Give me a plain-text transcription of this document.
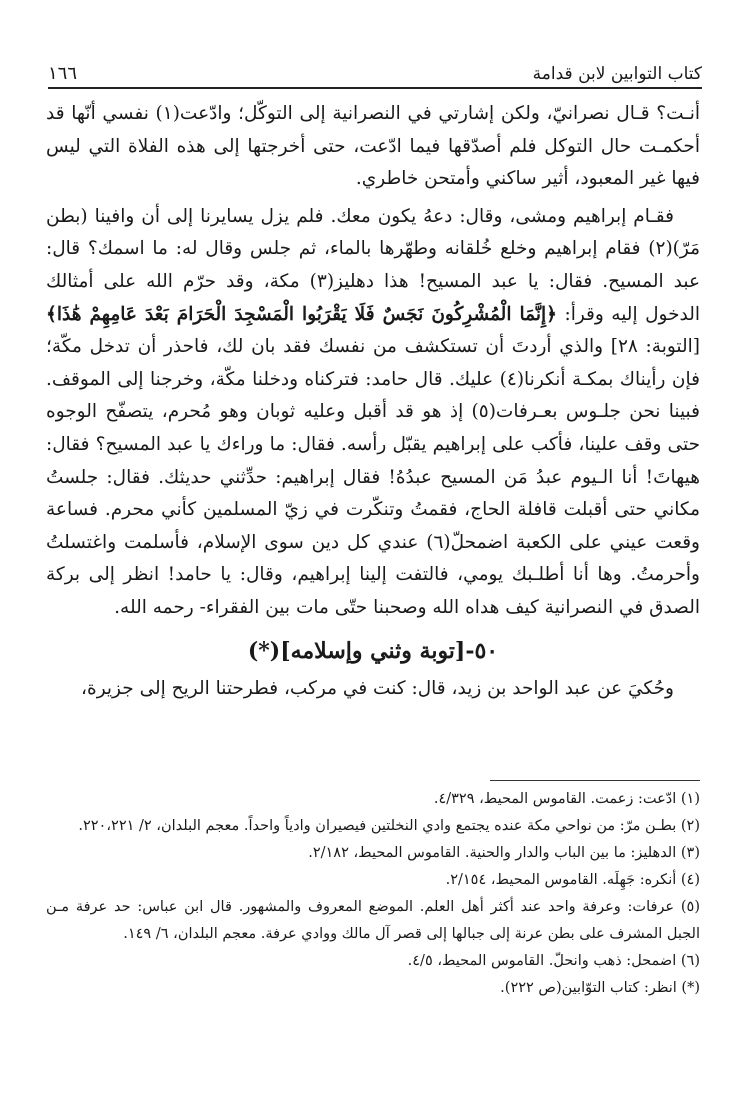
كتاب التوابين لابن قدامة
١٦٦

أنـت؟ قـال نصرانيّ، ولكن إشارتي في النصرانية إلى التوكّل؛ وادّعت(١) نفسي أنّها قد أحكمـت حال التوكل فلم أصدّقها فيما ادّعت، حتى أخرجتها إلى هذه الفلاة التي ليس فيها غير المعبود، أثير ساكني وأمتحن خاطري.

فقـام إبراهيم ومشى، وقال: دعهُ يكون معك. فلم يزل يسايرنا إلى أن وافينا (بطن مَرّ)(٢) فقام إبراهيم وخلع خُلقانه وطهّرها بالماء، ثم جلس وقال له: ما اسمك؟ قال: عبد المسيح. فقال: يا عبد المسيح! هذا دهليز(٣) مكة، وقد حرّم الله على أمثالك الدخول إليه وقرأ: ﴿إِنَّمَا الْمُشْرِكُونَ نَجَسٌ فَلَا يَقْرَبُوا الْمَسْجِدَ الْحَرَامَ بَعْدَ عَامِهِمْ هَٰذَا﴾[التوبة: ٢٨] والذي أردتَ أن تستكشف من نفسك فقد بان لك، فاحذر أن تدخل مكّة؛ فإن رأيناك بمكـة أنكرنا(٤) عليك. قال حامد: فتركناه ودخلنا مكّة، وخرجنا إلى الموقف. فبينا نحن جلـوس بعـرفات(٥) إذ هو قد أقبل وعليه ثوبان وهو مُحرم، يتصفّح الوجوه حتى وقف علينا، فأكب على إبراهيم يقبّل رأسه. فقال: ما وراءك يا عبد المسيح؟ فقال: هيهاتَ! أنا الـيوم عبدُ مَن المسيح عبدُهُ! فقال إبراهيم: حدِّثني حديثك. فقال: جلستُ مكاني حتى أقبلت قافلة الحاج، فقمتُ وتنكّرت في زيّ المسلمين كأني محرم. فساعة وقعت عيني على الكعبة اضمحلّ(٦) عندي كل دين سوى الإسلام، فأسلمت واغتسلتُ وأحرمتُ. وها أنا أطلـبك يومي، فالتفت إلينا إبراهيم، وقال: يا حامد! انظر إلى بركة الصدق في النصرانية كيف هداه الله وصحبنا حتّى مات بين الفقراء- رحمه الله.

٥٠-[توبة وثني وإسلامه](*)

وحُكيَ عن عبد الواحد بن زيد، قال: كنت في مركب، فطرحتنا الريح إلى جزيرة،

(١) ادّعت: زعمت. القاموس المحيط، ٤/٣٢٩.

(٢) بطـن مرّ: من نواحي مكة عنده يجتمع وادي النخلتين فيصيران وادياً واحداً. معجم البلدان، ٢/ ٢٢٠،٢٢١.

(٣) الدهليز: ما بين الباب والدار والحنية. القاموس المحيط، ٢/١٨٢.

(٤) أنكره: جَهِلَه. القاموس المحيط، ٢/١٥٤.

(٥) عرفات: وعرفة واحد عند أكثر أهل العلم. الموضع المعروف والمشهور. قال ابن عباس: حد عرفة مـن الجبل المشرف على بطن عرنة إلى جبالها إلى قصر آل مالك ووادي عرفة. معجم البلدان، ٦/ ١٤٩.

(٦) اضمحل: ذهب وانحلّ. القاموس المحيط، ٤/٥.

(*) انظر: كتاب التوّابين(ص ٢٢٢).
